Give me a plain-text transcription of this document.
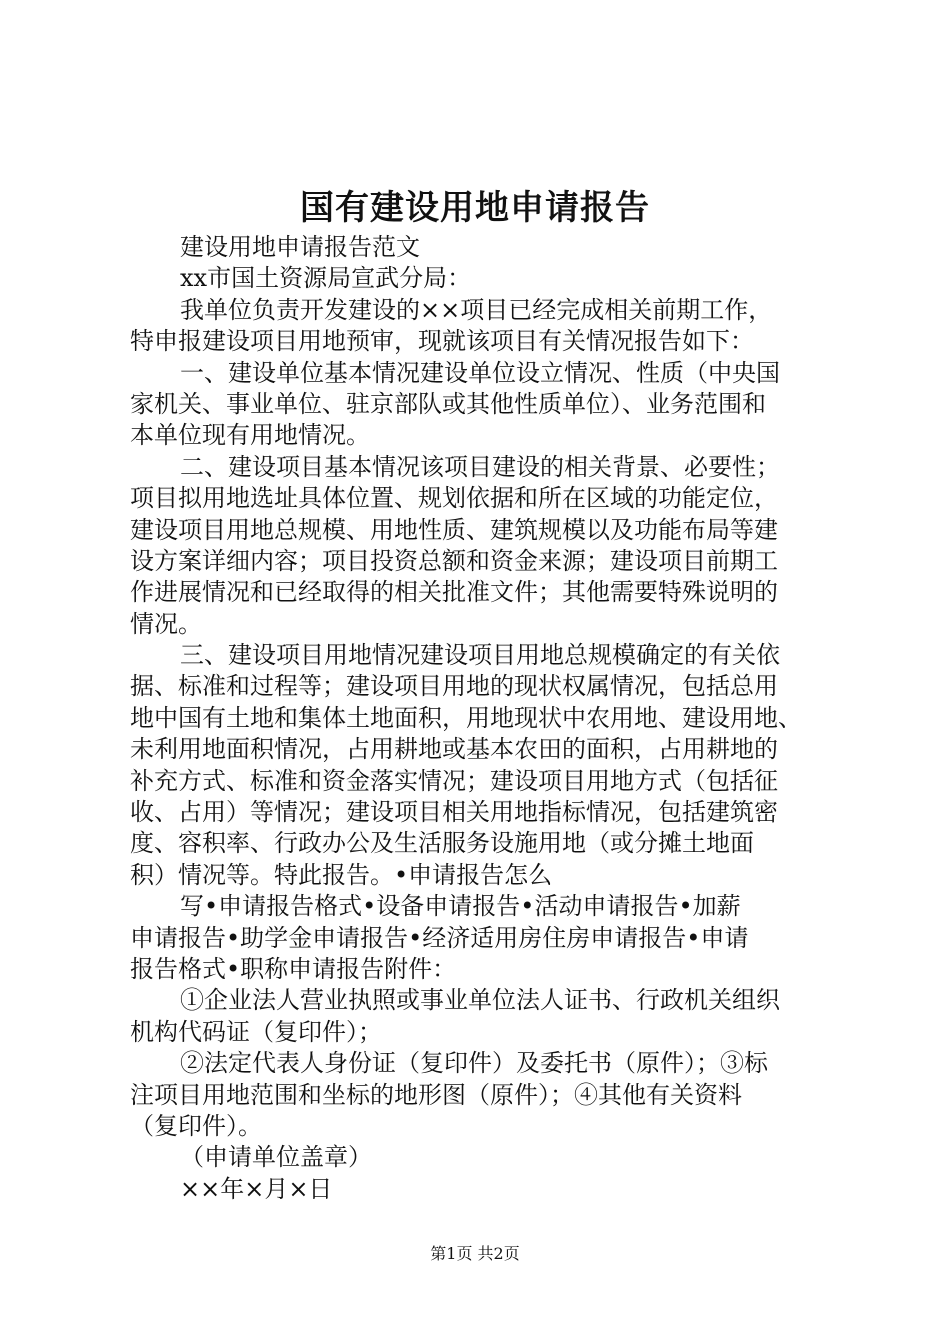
国有建设用地申请报告
建设用地申请报告范文
xx市国土资源局宣武分局：
我单位负责开发建设的××项目已经完成相关前期工作，
特申报建设项目用地预审，现就该项目有关情况报告如下：
一、建设单位基本情况建设单位设立情况、性质（中央国
家机关、事业单位、驻京部队或其他性质单位）、业务范围和
本单位现有用地情况。
二、建设项目基本情况该项目建设的相关背景、必要性；
项目拟用地选址具体位置、规划依据和所在区域的功能定位，
建设项目用地总规模、用地性质、建筑规模以及功能布局等建
设方案详细内容；项目投资总额和资金来源；建设项目前期工
作进展情况和已经取得的相关批准文件；其他需要特殊说明的
情况。
三、建设项目用地情况建设项目用地总规模确定的有关依
据、标准和过程等；建设项目用地的现状权属情况，包括总用
地中国有土地和集体土地面积，用地现状中农用地、建设用地、
未利用地面积情况，占用耕地或基本农田的面积，占用耕地的
补充方式、标准和资金落实情况；建设项目用地方式（包括征
收、占用）等情况；建设项目相关用地指标情况，包括建筑密
度、容积率、行政办公及生活服务设施用地（或分摊土地面
积）情况等。特此报告。•申请报告怎么
写•申请报告格式•设备申请报告•活动申请报告•加薪
申请报告•助学金申请报告•经济适用房住房申请报告•申请
报告格式•职称申请报告附件：
①企业法人营业执照或事业单位法人证书、行政机关组织
机构代码证（复印件）；
②法定代表人身份证（复印件）及委托书（原件）；③标
注项目用地范围和坐标的地形图（原件）；④其他有关资料
（复印件）。
（申请单位盖章）
××年×月×日
第1页 共2页
